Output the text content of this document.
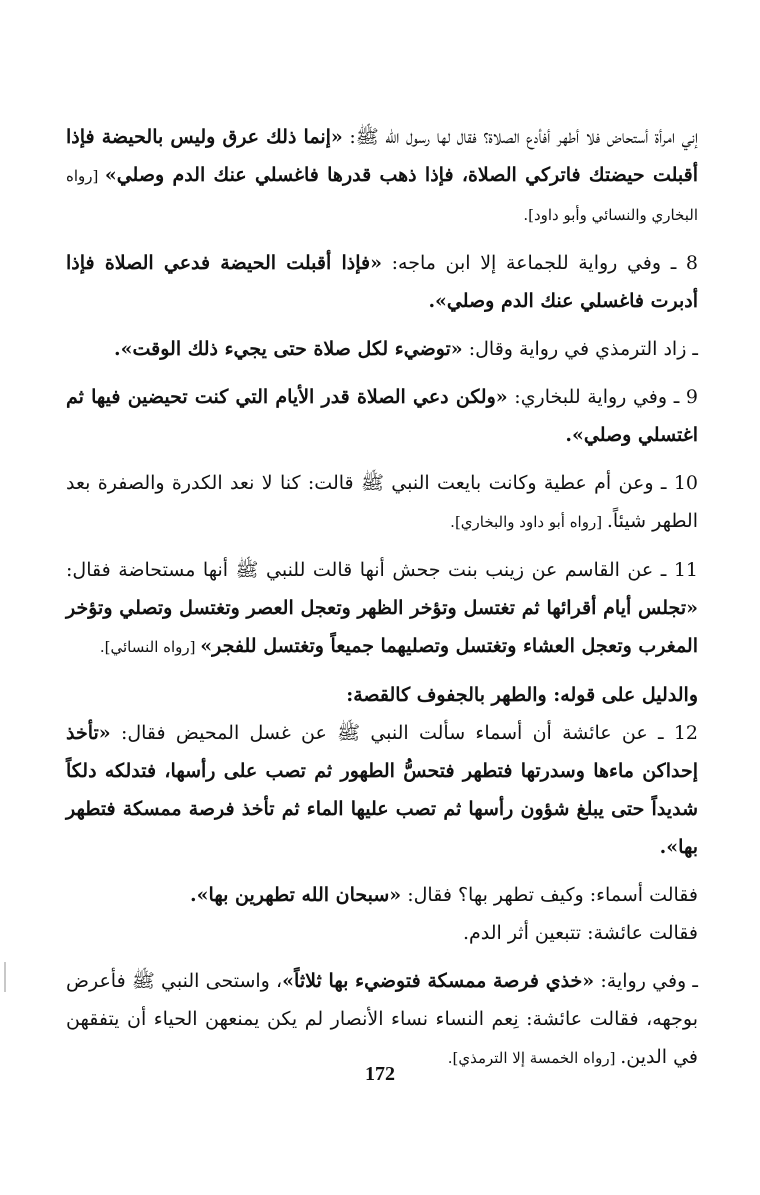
إني امرأة أستحاض فلا أطهر أفأدع الصلاة؟ فقال لها رسول الله ﷺ: «إنما ذلك عرق وليس بالحيضة فإذا أقبلت حيضتك فاتركي الصلاة، فإذا ذهب قدرها فاغسلي عنك الدم وصلي» [رواه البخاري والنسائي وأبو داود].

8 ـ وفي رواية للجماعة إلا ابن ماجه: «فإذا أقبلت الحيضة فدعي الصلاة فإذا أدبرت فاغسلي عنك الدم وصلي».

ـ زاد الترمذي في رواية وقال: «توضيء لكل صلاة حتى يجيء ذلك الوقت».

9 ـ وفي رواية للبخاري: «ولكن دعي الصلاة قدر الأيام التي كنت تحيضين فيها ثم اغتسلي وصلي».

10 ـ وعن أم عطية وكانت بايعت النبي ﷺ قالت: كنا لا نعد الكدرة والصفرة بعد الطهر شيئاً. [رواه أبو داود والبخاري].

11 ـ عن القاسم عن زينب بنت جحش أنها قالت للنبي ﷺ أنها مستحاضة فقال: «تجلس أيام أقرائها ثم تغتسل وتؤخر الظهر وتعجل العصر وتغتسل وتصلي وتؤخر المغرب وتعجل العشاء وتغتسل وتصليهما جميعاً وتغتسل للفجر» [رواه النسائي].

والدليل على قوله: والطهر بالجفوف كالقصة:

12 ـ عن عائشة أن أسماء سألت النبي ﷺ عن غسل المحيض فقال: «تأخذ إحداكن ماءها وسدرتها فتطهر فتحسُّ الطهور ثم تصب على رأسها، فتدلكه دلكاً شديداً حتى يبلغ شؤون رأسها ثم تصب عليها الماء ثم تأخذ فرصة ممسكة فتطهر بها».

فقالت أسماء: وكيف تطهر بها؟ فقال: «سبحان الله تطهرين بها».

فقالت عائشة: تتبعين أثر الدم.

ـ وفي رواية: «خذي فرصة ممسكة فتوضيء بها ثلاثاً»، واستحى النبي ﷺ فأعرض بوجهه، فقالت عائشة: نِعم النساء نساء الأنصار لم يكن يمنعهن الحياء أن يتفقهن في الدين. [رواه الخمسة إلا الترمذي].

172
